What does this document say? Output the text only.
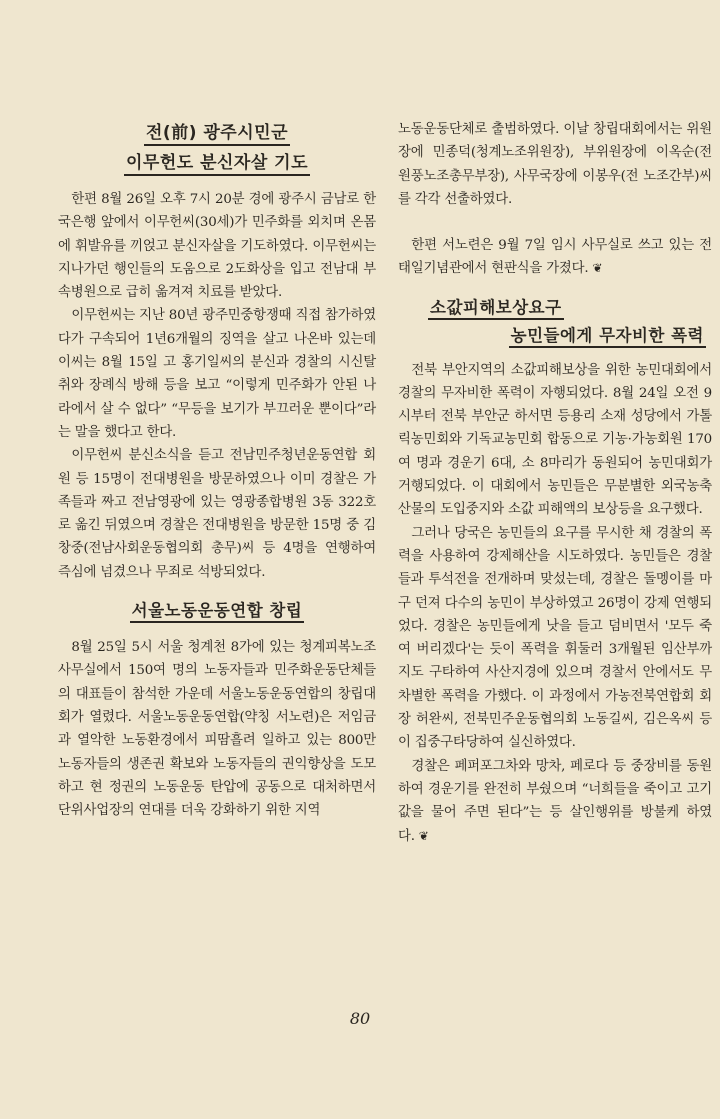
전(前) 광주시민군
이무헌도 분신자살 기도

한편 8월 26일 오후 7시 20분 경에 광주시 금남로 한국은행 앞에서 이무헌씨(30세)가 민주화를 외치며 온몸에 휘발유를 끼얹고 분신자살을 기도하였다. 이무헌씨는 지나가던 행인들의 도움으로 2도화상을 입고 전남대 부속병원으로 급히 옮겨져 치료를 받았다.

이무헌씨는 지난 80년 광주민중항쟁때 직접 참가하였다가 구속되어 1년6개월의 징역을 살고 나온바 있는데 이씨는 8월 15일 고 홍기일씨의 분신과 경찰의 시신탈취와 장례식 방해 등을 보고 “이렇게 민주화가 안된 나라에서 살 수 없다” “무등을 보기가 부끄러운 뿐이다”라는 말을 했다고 한다.

이무헌씨 분신소식을 듣고 전남민주청년운동연합 회원 등 15명이 전대병원을 방문하였으나 이미 경찰은 가족들과 짜고 전남영광에 있는 영광종합병원 3동 322호로 옮긴 뒤였으며 경찰은 전대병원을 방문한 15명 중 김창중(전남사회운동협의회 총무)씨 등 4명을 연행하여 즉심에 넘겼으나 무죄로 석방되었다.

서울노동운동연합 창립
8월 25일 5시 서울 청계천 8가에 있는 청계피복노조사무실에서 150여 명의 노동자들과 민주화운동단체들의 대표들이 참석한 가운데 서울노동운동연합의 창립대회가 열렸다. 서울노동운동연합(약칭 서노련)은 저임금과 열악한 노동환경에서 피땀흘려 일하고 있는 800만 노동자들의 생존권 확보와 노동자들의 권익향상을 도모하고 현 정권의 노동운동 탄압에 공동으로 대처하면서 단위사업장의 연대를 더욱 강화하기 위한 지역
노동운동단체로 출범하였다. 이날 창립대회에서는 위원장에 민종덕(청계노조위원장), 부위원장에 이옥순(전 원풍노조총무부장), 사무국장에 이봉우(전 노조간부)씨를 각각 선출하였다.

한편 서노련은 9월 7일 임시 사무실로 쓰고 있는 전태일기념관에서 현판식을 가졌다. ❦

소값피해보상요구
농민들에게 무자비한 폭력

전북 부안지역의 소값피해보상을 위한 농민대회에서 경찰의 무자비한 폭력이 자행되었다. 8월 24일 오전 9시부터 전북 부안군 하서면 등용리 소재 성당에서 가톨릭농민회와 기독교농민회 합동으로 기농·가농회원 170여 명과 경운기 6대, 소 8마리가 동원되어 농민대회가 거행되었다. 이 대회에서 농민들은 무분별한 외국농축산물의 도입중지와 소값 피해액의 보상등을 요구했다.

그러나 당국은 농민들의 요구를 무시한 채 경찰의 폭력을 사용하여 강제해산을 시도하였다. 농민들은 경찰들과 투석전을 전개하며 맞섰는데, 경찰은 돌멩이를 마구 던져 다수의 농민이 부상하였고 26명이 강제 연행되었다. 경찰은 농민들에게 낫을 들고 덤비면서 '모두 죽여 버리겠다'는 듯이 폭력을 휘둘러 3개월된 임산부까지도 구타하여 사산지경에 있으며 경찰서 안에서도 무차별한 폭력을 가했다. 이 과정에서 가농전북연합회 회장 허완씨, 전북민주운동협의회 노동길씨, 김은옥씨 등이 집중구타당하여 실신하였다.

경찰은 페퍼포그차와 망차, 페로다 등 중장비를 동원하여 경운기를 완전히 부쉈으며 “너희들을 죽이고 고기값을 물어 주면 된다”는 등 살인행위를 방불케 하였다. ❦

80
